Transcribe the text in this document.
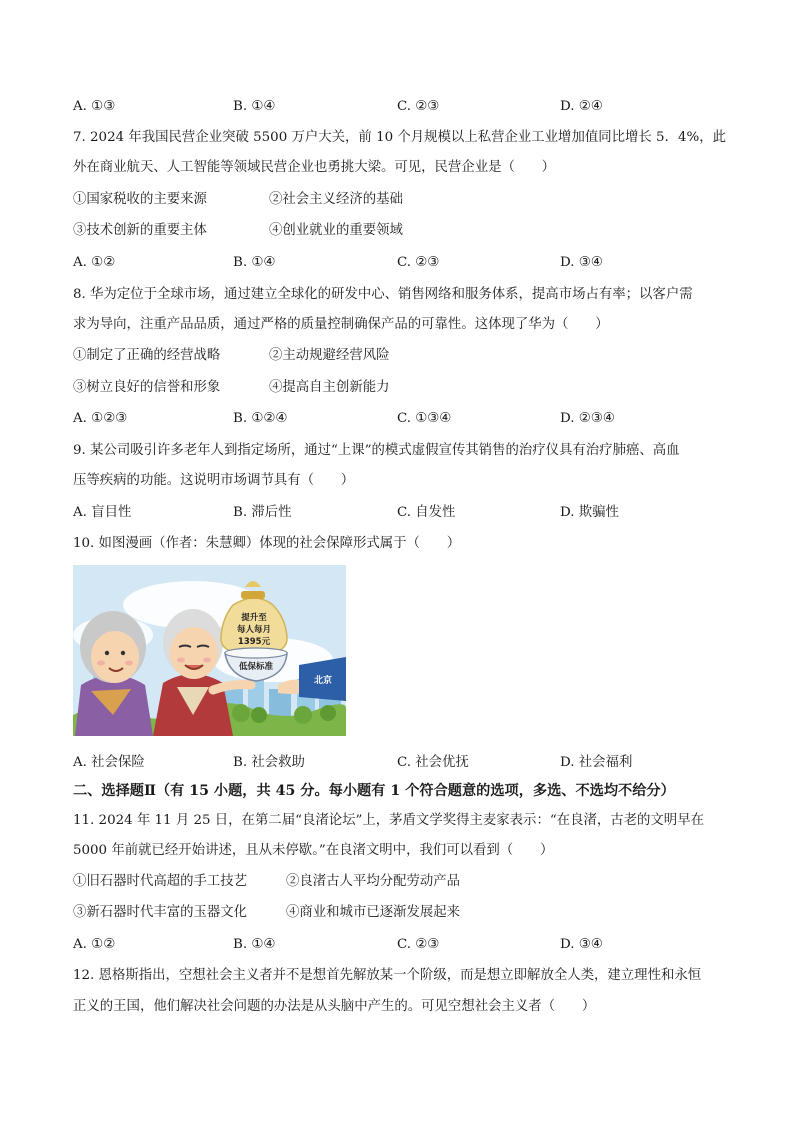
A. ①③	B. ①④	C. ②③	D. ②④
7. 2024 年我国民营企业突破 5500 万户大关，前 10 个月规模以上私营企业工业增加值同比增长 5．4%，此
外在商业航天、人工智能等领域民营企业也勇挑大梁。可见，民营企业是（　　）
①国家税收的主要来源	②社会主义经济的基础
③技术创新的重要主体	④创业就业的重要领域
A. ①②	B. ①④	C. ②③	D. ③④
8. 华为定位于全球市场，通过建立全球化的研发中心、销售网络和服务体系，提高市场占有率；以客户需
求为导向，注重产品品质，通过严格的质量控制确保产品的可靠性。这体现了华为（　　）
①制定了正确的经营战略	②主动规避经营风险
③树立良好的信誉和形象	④提高自主创新能力
A. ①②③	B. ①②④	C. ①③④	D. ②③④
9. 某公司吸引许多老年人到指定场所，通过“上课”的模式虚假宣传其销售的治疗仪具有治疗肺癌、高血
压等疾病的功能。这说明市场调节具有（　　）
A. 盲目性	B. 滞后性	C. 自发性	D. 欺骗性
10. 如图漫画（作者：朱慧卿）体现的社会保障形式属于（　　）
提升至
每人每月
1395元
低保标准
北京
A. 社会保险	B. 社会救助	C. 社会优抚	D. 社会福利
二、选择题Ⅱ（有 15 小题，共 45 分。每小题有 1 个符合题意的选项，多选、不选均不给分）
11. 2024 年 11 月 25 日，在第二届“良渚论坛”上，茅盾文学奖得主麦家表示：“在良渚，古老的文明早在
5000 年前就已经开始讲述，且从未停歇。”在良渚文明中，我们可以看到（　　）
①旧石器时代高超的手工技艺	②良渚古人平均分配劳动产品
③新石器时代丰富的玉器文化	④商业和城市已逐渐发展起来
A. ①②	B. ①④	C. ②③	D. ③④
12. 恩格斯指出，空想社会主义者并不是想首先解放某一个阶级，而是想立即解放全人类，建立理性和永恒
正义的王国，他们解决社会问题的办法是从头脑中产生的。可见空想社会主义者（　　）
